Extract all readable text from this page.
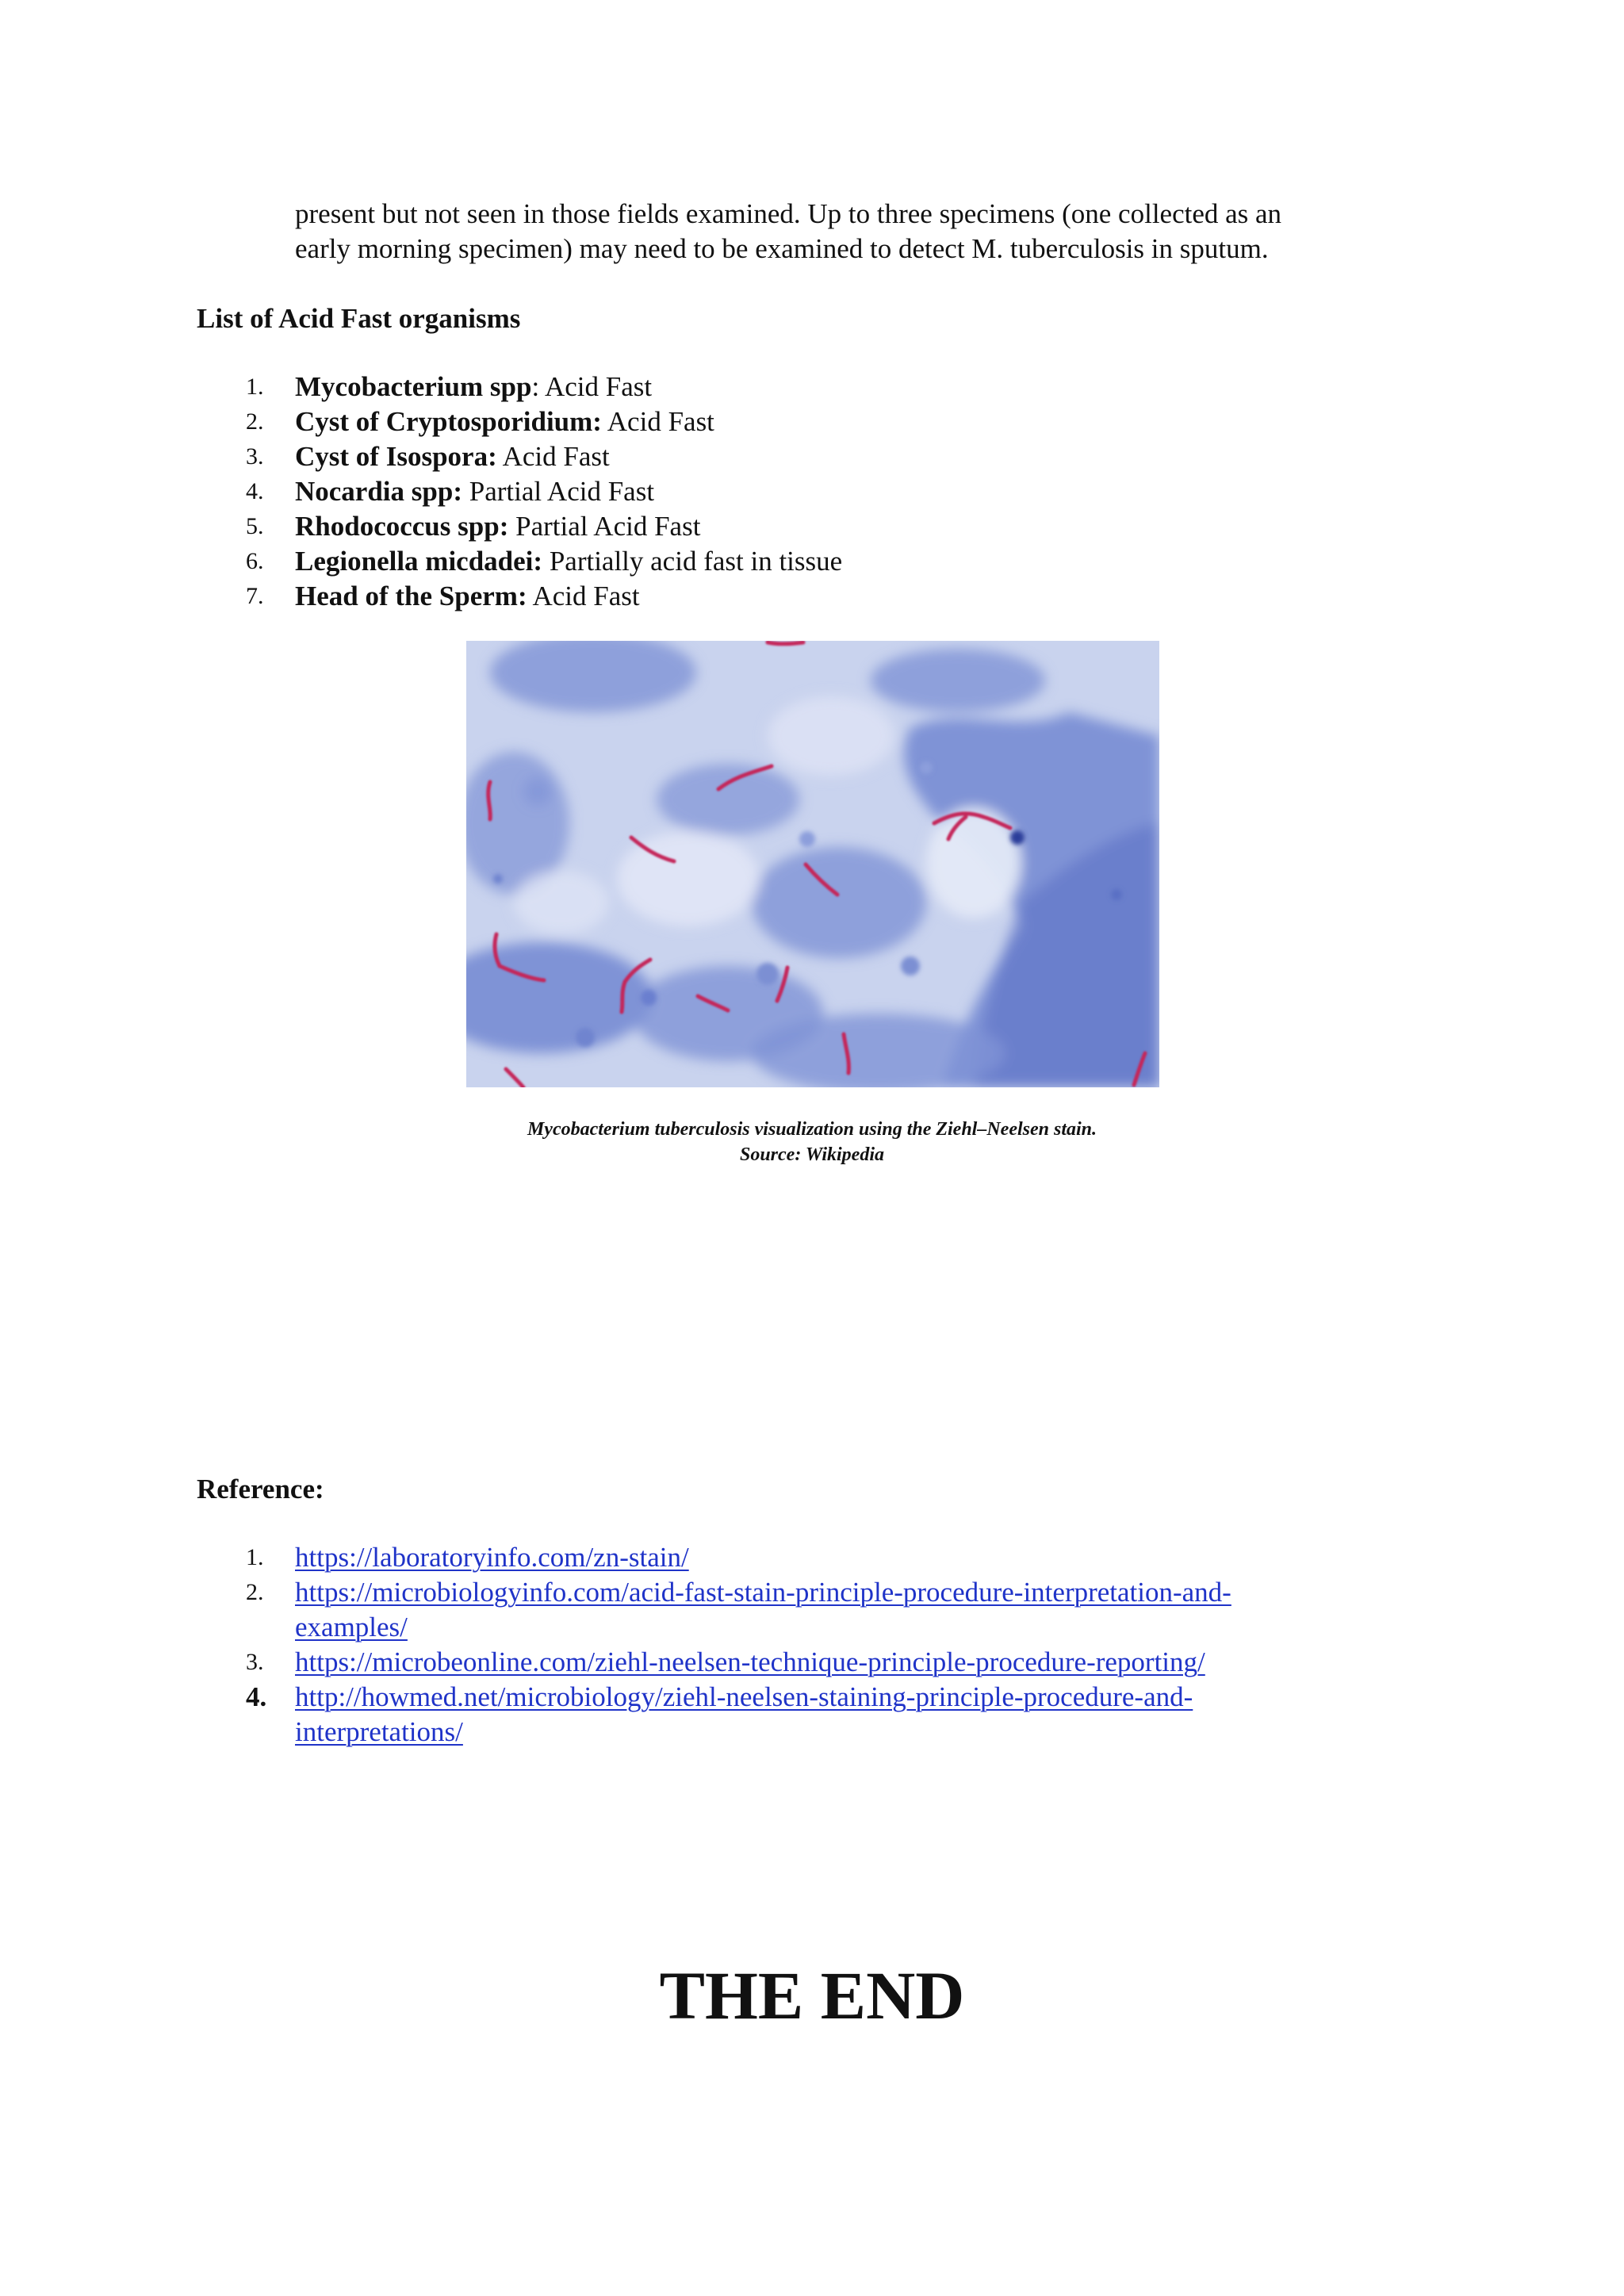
present but not seen in those fields examined. Up to three specimens (one collected as an
early morning specimen) may need to be examined to detect M. tuberculosis in sputum.

List of Acid Fast organisms
1. Mycobacterium spp: Acid Fast
2. Cyst of Cryptosporidium: Acid Fast
3. Cyst of Isospora: Acid Fast
4. Nocardia spp: Partial Acid Fast
5. Rhodococcus spp: Partial Acid Fast
6. Legionella micdadei: Partially acid fast in tissue
7. Head of the Sperm: Acid Fast

Mycobacterium tuberculosis visualization using the Ziehl–Neelsen stain.
Source: Wikipedia

Reference:
1. https://laboratoryinfo.com/zn-stain/
2. https://microbiologyinfo.com/acid-fast-stain-principle-procedure-interpretation-and-
examples/
3. https://microbeonline.com/ziehl-neelsen-technique-principle-procedure-reporting/
4. http://howmed.net/microbiology/ziehl-neelsen-staining-principle-procedure-and-
interpretations/
THE END
